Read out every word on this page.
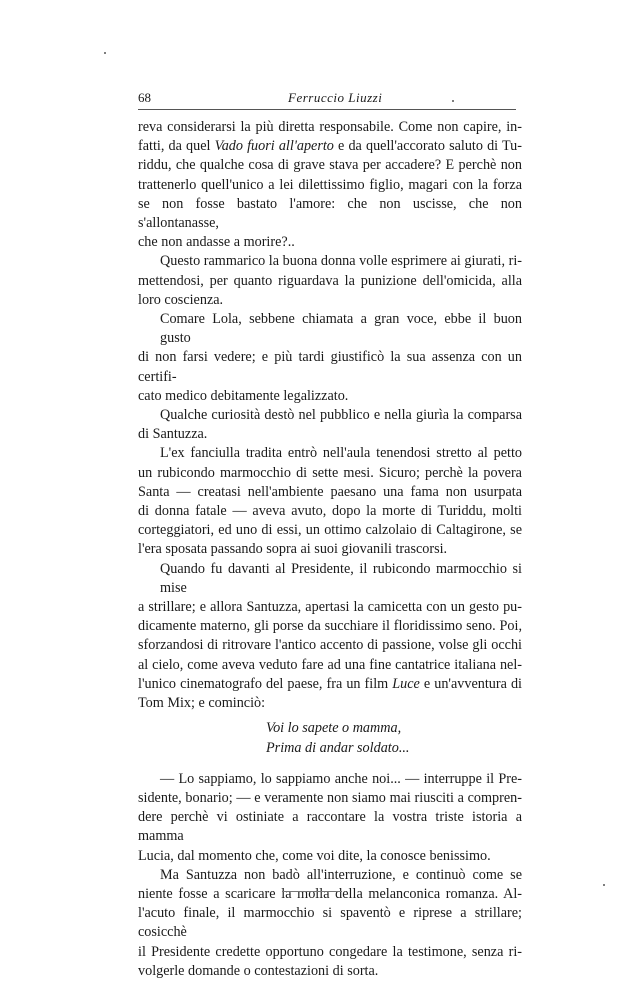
68	Ferruccio Liuzzi

reva considerarsi la più diretta responsabile. Come non capire, in-
fatti, da quel Vado fuori all'aperto e da quell'accorato saluto di Tu-
riddu, che qualche cosa di grave stava per accadere? E perchè non
trattenerlo quell'unico a lei dilettissimo figlio, magari con la forza
se non fosse bastato l'amore: che non uscisse, che non s'allontanasse,
che non andasse a morire?..

Questo rammarico la buona donna volle esprimere ai giurati, ri-
mettendosi, per quanto riguardava la punizione dell'omicida, alla
loro coscienza.

Comare Lola, sebbene chiamata a gran voce, ebbe il buon gusto
di non farsi vedere; e più tardi giustificò la sua assenza con un certifi-
cato medico debitamente legalizzato.

Qualche curiosità destò nel pubblico e nella giurìa la comparsa
di Santuzza.

L'ex fanciulla tradita entrò nell'aula tenendosi stretto al petto
un rubicondo marmocchio di sette mesi. Sicuro; perchè la povera
Santa — creatasi nell'ambiente paesano una fama non usurpata
di donna fatale — aveva avuto, dopo la morte di Turiddu, molti
corteggiatori, ed uno di essi, un ottimo calzolaio di Caltagirone, se
l'era sposata passando sopra ai suoi giovanili trascorsi.

Quando fu davanti al Presidente, il rubicondo marmocchio si mise
a strillare; e allora Santuzza, apertasi la camicetta con un gesto pu-
dicamente materno, gli porse da succhiare il floridissimo seno. Poi,
sforzandosi di ritrovare l'antico accento di passione, volse gli occhi
al cielo, come aveva veduto fare ad una fine cantatrice italiana nel-
l'unico cinematografo del paese, fra un film Luce e un'avventura di
Tom Mix; e cominciò:

Voi lo sapete o mamma,
Prima di andar soldato...

— Lo sappiamo, lo sappiamo anche noi... — interruppe il Pre-
sidente, bonario; — e veramente non siamo mai riusciti a compren-
dere perchè vi ostiniate a raccontare la vostra triste istoria a mamma
Lucia, dal momento che, come voi dite, la conosce benissimo.

Ma Santuzza non badò all'interruzione, e continuò come se
niente fosse a scaricare la molla della melanconica romanza. Al-
l'acuto finale, il marmocchio si spaventò e riprese a strillare; cosicchè
il Presidente credette opportuno congedare la testimone, senza ri-
volgerle domande o contestazioni di sorta.
